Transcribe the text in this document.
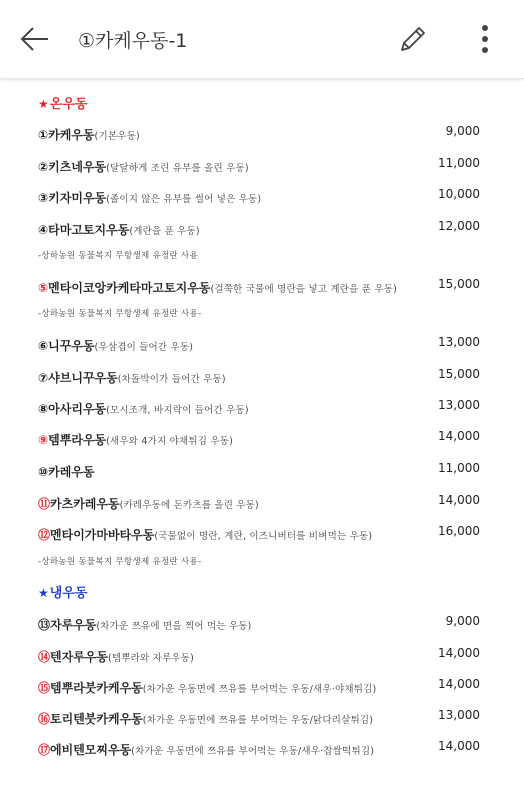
①카케우동-1
★온우동
①카케우동(기본우동)	9,000
②키츠네우동(달달하게 조린 유부를 올린 우동)	11,000
③키자미우동(졸이지 않은 유부를 썰어 넣은 우동)	10,000
④타마고토지우동(계란을 푼 우동)	12,000
-상하농원 동물복지 무항생제 유정란 사용
⑤멘타이코앙카케타마고토지우동(걸쭉한 국물에 명란을 넣고 계란을 푼 우동)	15,000
-상하농원 동물복지 무항생제 유정란 사용-
⑥니꾸우동(우삼겹이 들어간 우동)	13,000
⑦샤브니꾸우동(차돌박이가 들어간 우동)	15,000
⑧아사리우동(모시조개, 바지락이 들어간 우동)	13,000
⑨템뿌라우동(새우와 4가지 야채튀김 우동)	14,000
⑩카레우동	11,000
⑪카츠카레우동(카레우동에 돈카츠를 올린 우동)	14,000
⑫멘타이가마바타우동(국물없이 명란, 계란, 이즈니버터를 비벼먹는 우동)	16,000
-상하농원 동물복지 무항생제 유정란 사용-
★냉우동
⑬자루우동(차가운 쯔유에 면을 찍어 먹는 우동)	9,000
⑭텐자루우동(템뿌라와 자루우동)	14,000
⑮템뿌라붓카케우동(차가운 우동면에 쯔유를 부어먹는 우동/새우·야채튀김)	14,000
⑯토리텐붓카케우동(차가운 우동면에 쯔유를 부어먹는 우동/닭다리살튀김)	13,000
⑰에비텐모찌우동(차가운 우동면에 쯔유를 부어먹는 우동/새우·찹쌀떡튀김)	14,000
